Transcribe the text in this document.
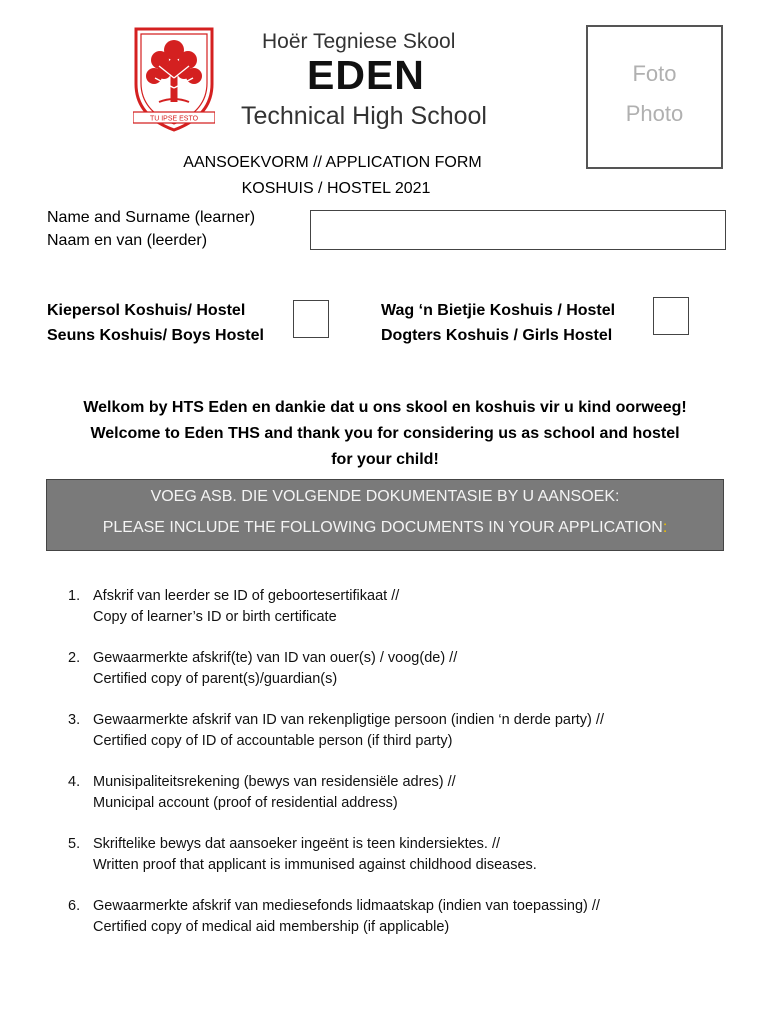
TU IPSE ESTO
Hoër Tegniese Skool
EDEN
Technical High School
Foto
Photo
AANSOEKVORM // APPLICATION FORM
KOSHUIS / HOSTEL 2021
Name and Surname (learner)
Naam en van (leerder)
Kiepersol Koshuis/ Hostel
Seuns Koshuis/ Boys Hostel
Wag ‘n Bietjie Koshuis / Hostel
Dogters Koshuis / Girls Hostel
Welkom by HTS Eden en dankie dat u ons skool en koshuis vir u kind oorweeg!
Welcome to Eden THS and thank you for considering us as school and hostel
for your child!
VOEG ASB. DIE VOLGENDE DOKUMENTASIE BY U AANSOEK:
PLEASE INCLUDE THE FOLLOWING DOCUMENTS IN YOUR APPLICATION:
1. Afskrif van leerder se ID of geboortesertifikaat //
Copy of learner’s ID or birth certificate
2. Gewaarmerkte afskrif(te) van ID van ouer(s) / voog(de) //
Certified copy of parent(s)/guardian(s)
3. Gewaarmerkte afskrif van ID van rekenpligtige persoon (indien ‘n derde party) //
Certified copy of ID of accountable person (if third party)
4. Munisipaliteitsrekening (bewys van residensiële adres) //
Municipal account (proof of residential address)
5. Skriftelike bewys dat aansoeker ingeënt is teen kindersiektes. //
Written proof that applicant is immunised against childhood diseases.
6. Gewaarmerkte afskrif van mediesefonds lidmaatskap (indien van toepassing) //
Certified copy of medical aid membership (if applicable)
